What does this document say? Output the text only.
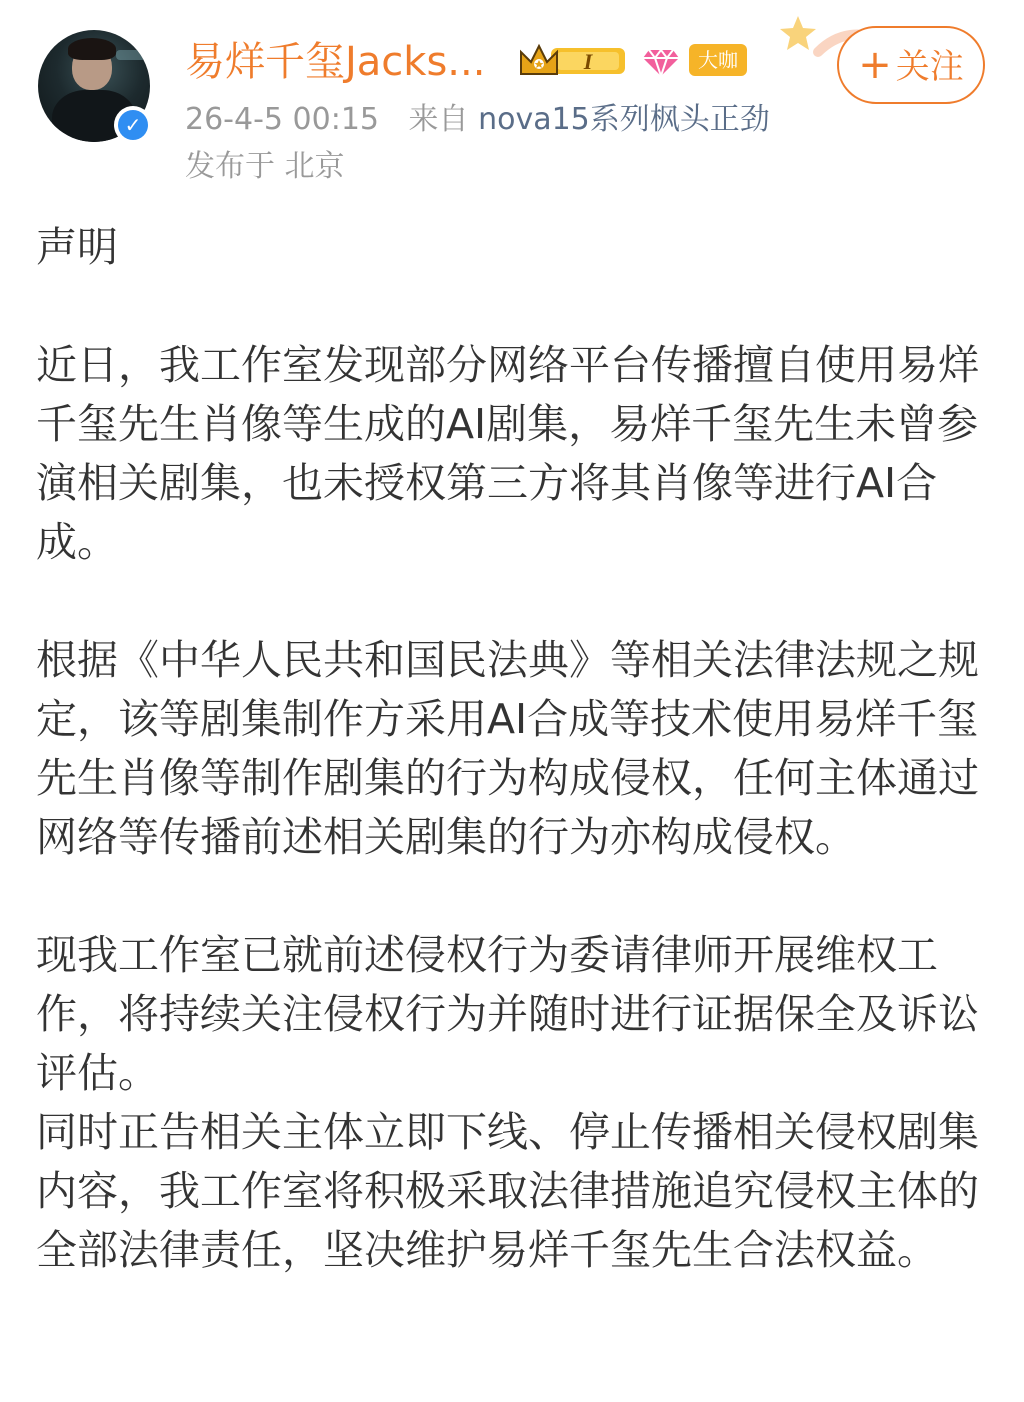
✓
易烊千玺Jacks...	I	大咖	+ 关注
26-4-5 00:15 来自 nova15系列枫头正劲
发布于 北京

声明

近日，我工作室发现部分网络平台传播擅自使用易烊千玺先生肖像等生成的AI剧集，易烊千玺先生未曾参演相关剧集，也未授权第三方将其肖像等进行AI合成。

根据《中华人民共和国民法典》等相关法律法规之规定，该等剧集制作方采用AI合成等技术使用易烊千玺先生肖像等制作剧集的行为构成侵权，任何主体通过网络等传播前述相关剧集的行为亦构成侵权。

现我工作室已就前述侵权行为委请律师开展维权工作，将持续关注侵权行为并随时进行证据保全及诉讼评估。

同时正告相关主体立即下线、停止传播相关侵权剧集内容，我工作室将积极采取法律措施追究侵权主体的全部法律责任，坚决维护易烊千玺先生合法权益。
